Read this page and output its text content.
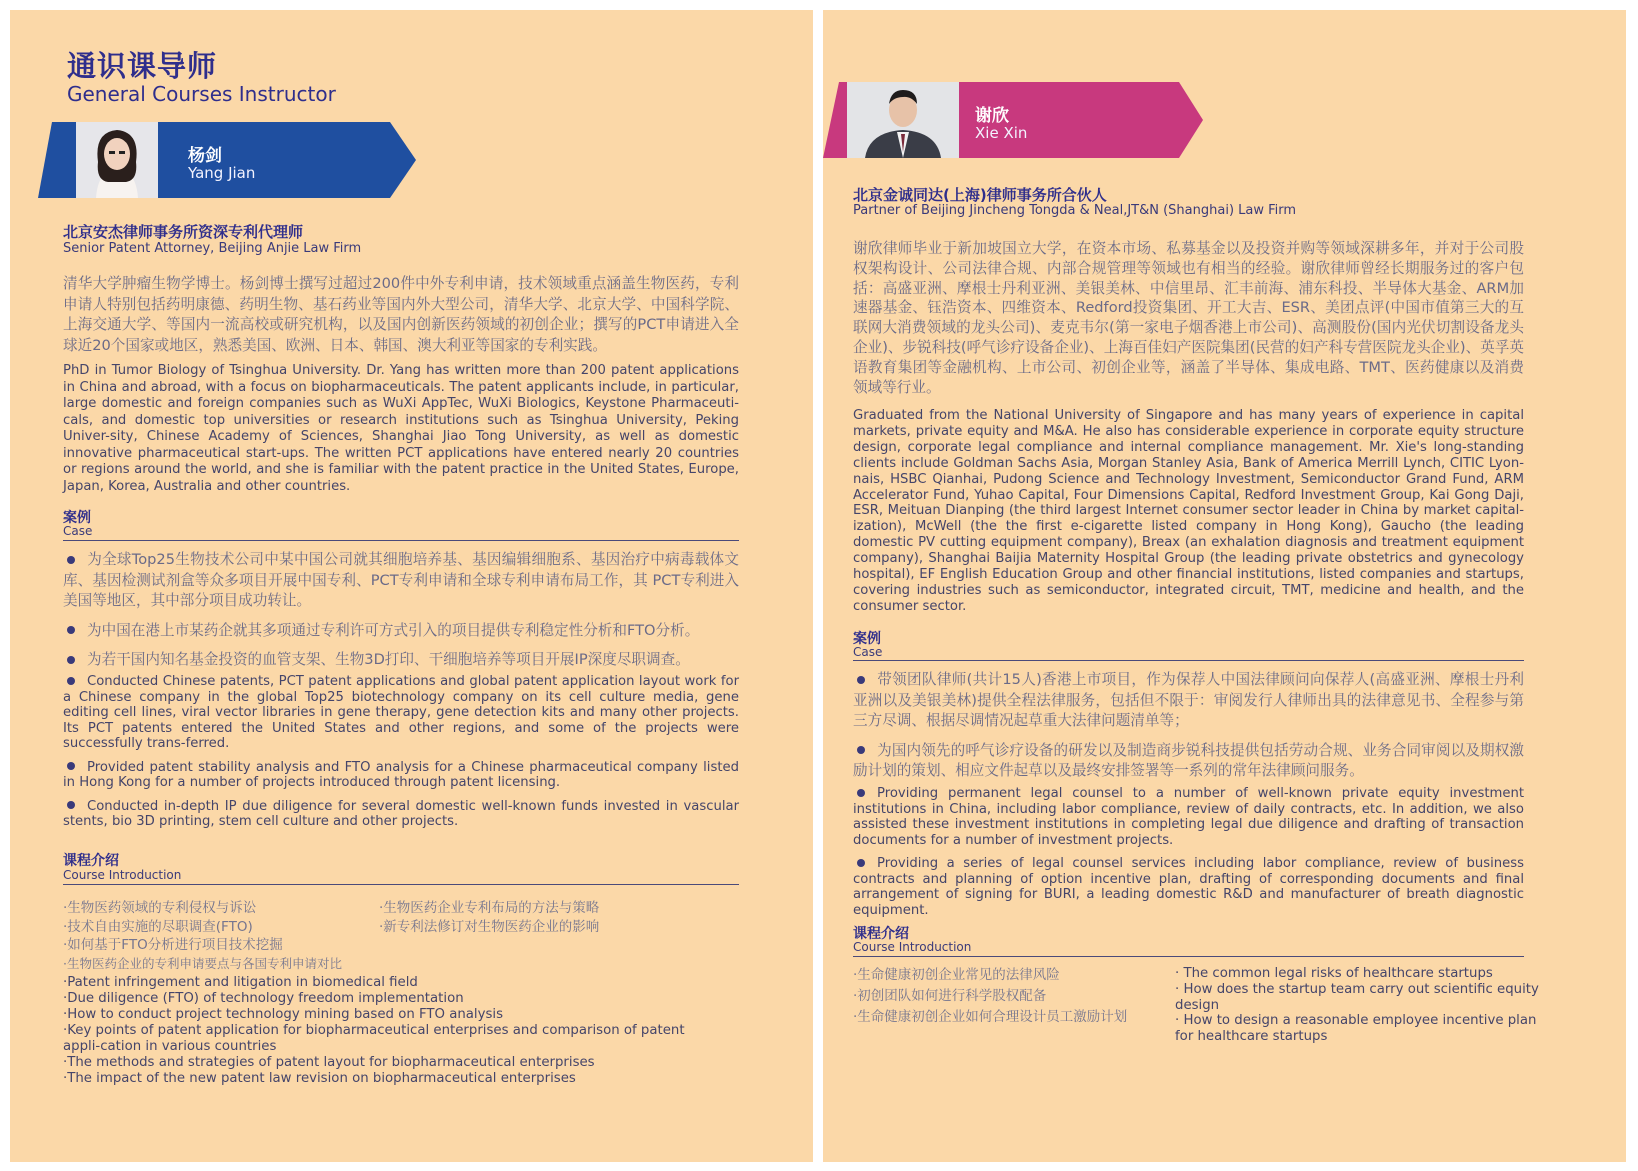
通识课导师
General Courses Instructor
杨剑
Yang Jian
北京安杰律师事务所资深专利代理师
Senior Patent Attorney, Beijing Anjie Law Firm
清华大学肿瘤生物学博士。杨剑博士撰写过超过200件中外专利申请，技术领域重点涵盖生物医药，专利申请人特别包括药明康德、药明生物、基石药业等国内外大型公司，清华大学、北京大学、中国科学院、上海交通大学、等国内一流高校或研究机构，以及国内创新医药领域的初创企业；撰写的PCT申请进入全球近20个国家或地区，熟悉美国、欧洲、日本、韩国、澳大利亚等国家的专利实践。
PhD in Tumor Biology of Tsinghua University. Dr. Yang has written more than 200 patent applications in China and abroad, with a focus on biopharmaceuticals. The patent applicants include, in particular, large domestic and foreign companies such as WuXi AppTec, WuXi Biologics, Keystone Pharmaceuti-cals, and domestic top universities or research institutions such as Tsinghua University, Peking Univer-sity, Chinese Academy of Sciences, Shanghai Jiao Tong University, as well as domestic innovative pharmaceutical start-ups. The written PCT applications have entered nearly 20 countries or regions around the world, and she is familiar with the patent practice in the United States, Europe, Japan, Korea, Australia and other countries.
案例
Case
为全球Top25生物技术公司中某中国公司就其细胞培养基、基因编辑细胞系、基因治疗中病毒载体文库、基因检测试剂盒等众多项目开展中国专利、PCT专利申请和全球专利申请布局工作，其 PCT专利进入美国等地区，其中部分项目成功转让。
为中国在港上市某药企就其多项通过专利许可方式引入的项目提供专利稳定性分析和FTO分析。
为若干国内知名基金投资的血管支架、生物3D打印、干细胞培养等项目开展IP深度尽职调查。
Conducted Chinese patents, PCT patent applications and global patent application layout work for a Chinese company in the global Top25 biotechnology company on its cell culture media, gene editing cell lines, viral vector libraries in gene therapy, gene detection kits and many other projects. Its PCT patents entered the United States and other regions, and some of the projects were successfully trans-ferred.
Provided patent stability analysis and FTO analysis for a Chinese pharmaceutical company listed in Hong Kong for a number of projects introduced through patent licensing.
Conducted in-depth IP due diligence for several domestic well-known funds invested in vascular stents, bio 3D printing, stem cell culture and other projects.
课程介绍
Course Introduction
·生物医药领域的专利侵权与诉讼
·技术自由实施的尽职调查(FTO)
·如何基于FTO分析进行项目技术挖掘
·生物医药企业的专利申请要点与各国专利申请对比
·生物医药企业专利布局的方法与策略
·新专利法修订对生物医药企业的影响
·Patent infringement and litigation in biomedical field
·Due diligence (FTO) of technology freedom implementation
·How to conduct project technology mining based on FTO analysis
·Key points of patent application for biopharmaceutical enterprises and comparison of patent appli-cation in various countries
·The methods and strategies of patent layout for biopharmaceutical enterprises
·The impact of the new patent law revision on biopharmaceutical enterprises
谢欣
Xie Xin
北京金诚同达(上海)律师事务所合伙人
Partner of Beijing Jincheng Tongda & Neal,JT&N (Shanghai) Law Firm
谢欣律师毕业于新加坡国立大学，在资本市场、私募基金以及投资并购等领域深耕多年，并对于公司股权架构设计、公司法律合规、内部合规管理等领域也有相当的经验。谢欣律师曾经长期服务过的客户包括：高盛亚洲、摩根士丹利亚洲、美银美林、中信里昂、汇丰前海、浦东科投、半导体大基金、ARM加速器基金、钰浩资本、四维资本、Redford投资集团、开工大吉、ESR、美团点评(中国市值第三大的互联网大消费领域的龙头公司)、麦克韦尔(第一家电子烟香港上市公司)、高测股份(国内光伏切割设备龙头企业)、步锐科技(呼气诊疗设备企业)、上海百佳妇产医院集团(民营的妇产科专营医院龙头企业)、英孚英语教育集团等金融机构、上市公司、初创企业等，涵盖了半导体、集成电路、TMT、医药健康以及消费领域等行业。
Graduated from the National University of Singapore and has many years of experience in capital markets, private equity and M&A. He also has considerable experience in corporate equity structure design, corporate legal compliance and internal compliance management. Mr. Xie's long-standing clients include Goldman Sachs Asia, Morgan Stanley Asia, Bank of America Merrill Lynch, CITIC Lyon-nais, HSBC Qianhai, Pudong Science and Technology Investment, Semiconductor Grand Fund, ARM Accelerator Fund, Yuhao Capital, Four Dimensions Capital, Redford Investment Group, Kai Gong Daji, ESR, Meituan Dianping (the third largest Internet consumer sector leader in China by market capital-ization), McWell (the the first e-cigarette listed company in Hong Kong), Gaucho (the leading domestic PV cutting equipment company), Breax (an exhalation diagnosis and treatment equipment company), Shanghai Baijia Maternity Hospital Group (the leading private obstetrics and gynecology hospital), EF English Education Group and other financial institutions, listed companies and startups, covering industries such as semiconductor, integrated circuit, TMT, medicine and health, and the consumer sector.
案例
Case
带领团队律师(共计15人)香港上市项目，作为保荐人中国法律顾问向保荐人(高盛亚洲、摩根士丹利亚洲以及美银美林)提供全程法律服务，包括但不限于：审阅发行人律师出具的法律意见书、全程参与第三方尽调、根据尽调情况起草重大法律问题清单等；
为国内领先的呼气诊疗设备的研发以及制造商步锐科技提供包括劳动合规、业务合同审阅以及期权激励计划的策划、相应文件起草以及最终安排签署等一系列的常年法律顾问服务。
Providing permanent legal counsel to a number of well-known private equity investment institutions in China, including labor compliance, review of daily contracts, etc. In addition, we also assisted these investment institutions in completing legal due diligence and drafting of transaction documents for a number of investment projects.
Providing a series of legal counsel services including labor compliance, review of business contracts and planning of option incentive plan, drafting of corresponding documents and final arrangement of signing for BURI, a leading domestic R&D and manufacturer of breath diagnostic equipment.
课程介绍
Course Introduction
·生命健康初创企业常见的法律风险
·初创团队如何进行科学股权配备
·生命健康初创企业如何合理设计员工激励计划
· The common legal risks of healthcare startups
· How does the startup team carry out scientific equity design
· How to design a reasonable employee incentive plan for healthcare startups
